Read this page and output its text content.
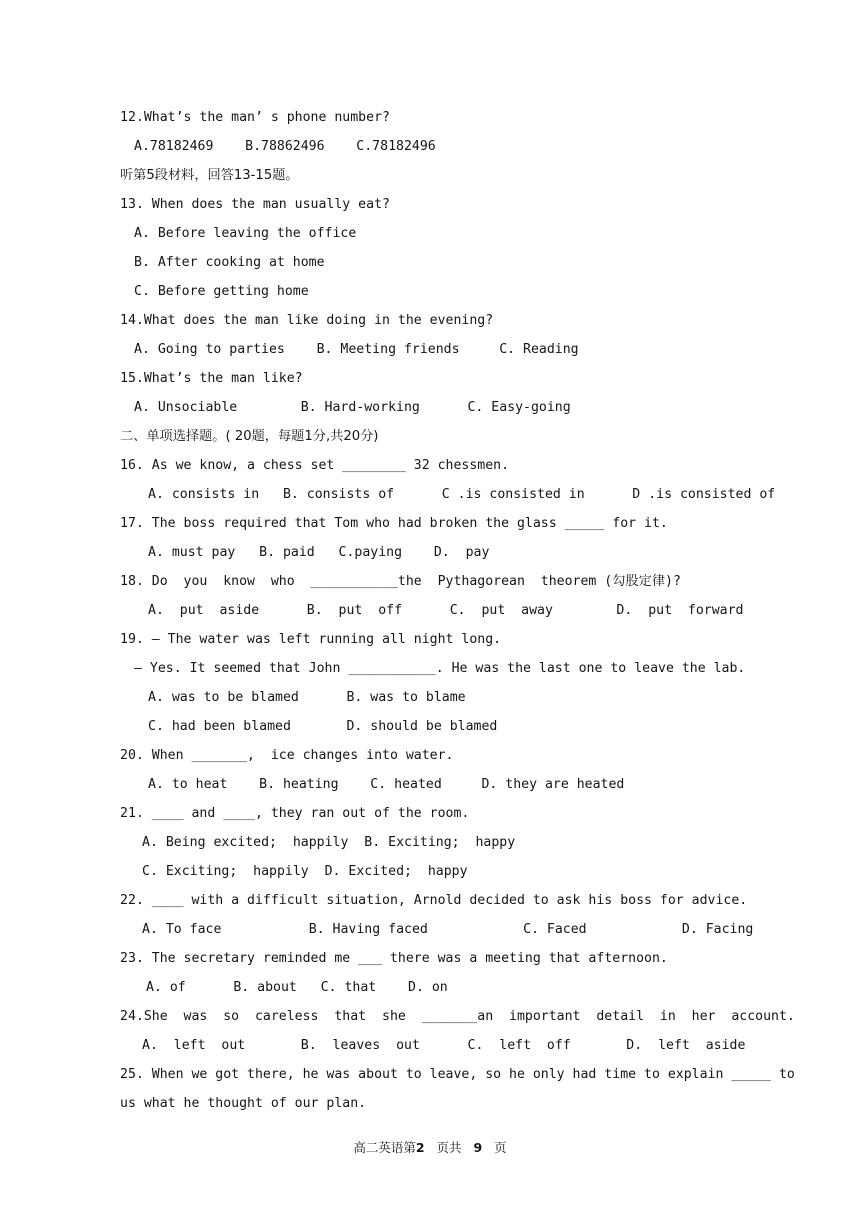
12.What’s the man’ s phone number?
A.78182469    B.78862496    C.78182496
听第5段材料，回答13-15题。
13. When does the man usually eat?
A. Before leaving the office
B. After cooking at home
C. Before getting home
14.What does the man like doing in the evening?
A. Going to parties    B. Meeting friends     C. Reading
15.What’s the man like?
A. Unsociable        B. Hard-working      C. Easy-going
二、单项选择题。( 20题，每题1分,共20分)
16. As we know, a chess set ________ 32 chessmen.
A. consists in   B. consists of      C .is consisted in      D .is consisted of
17. The boss required that Tom who had broken the glass _____ for it.
A. must pay   B. paid   C.paying    D.  pay
18. Do  you  know  who  ___________the  Pythagorean  theorem (勾股定律)?
A.  put  aside      B.  put  off      C.  put  away        D.  put  forward
19. — The water was left running all night long.
— Yes. It seemed that John ___________. He was the last one to leave the lab.
A. was to be blamed      B. was to blame
C. had been blamed       D. should be blamed
20. When _______,  ice changes into water.
A. to heat    B. heating    C. heated     D. they are heated
21. ____ and ____, they ran out of the room.
A. Being excited;  happily  B. Exciting;  happy
C. Exciting;  happily  D. Excited;  happy
22. ____ with a difficult situation, Arnold decided to ask his boss for advice.
A. To face           B. Having faced            C. Faced            D. Facing
23. The secretary reminded me ___ there was a meeting that afternoon.
A. of      B. about   C. that    D. on
24.She  was  so  careless  that  she  _______an  important  detail  in  her  account.
A.  left  out       B.  leaves  out      C.  left  off       D.  left  aside
25. When we got there, he was about to leave, so he only had time to explain _____ to
us what he thought of our plan.
高二英语第2 页共 9 页
